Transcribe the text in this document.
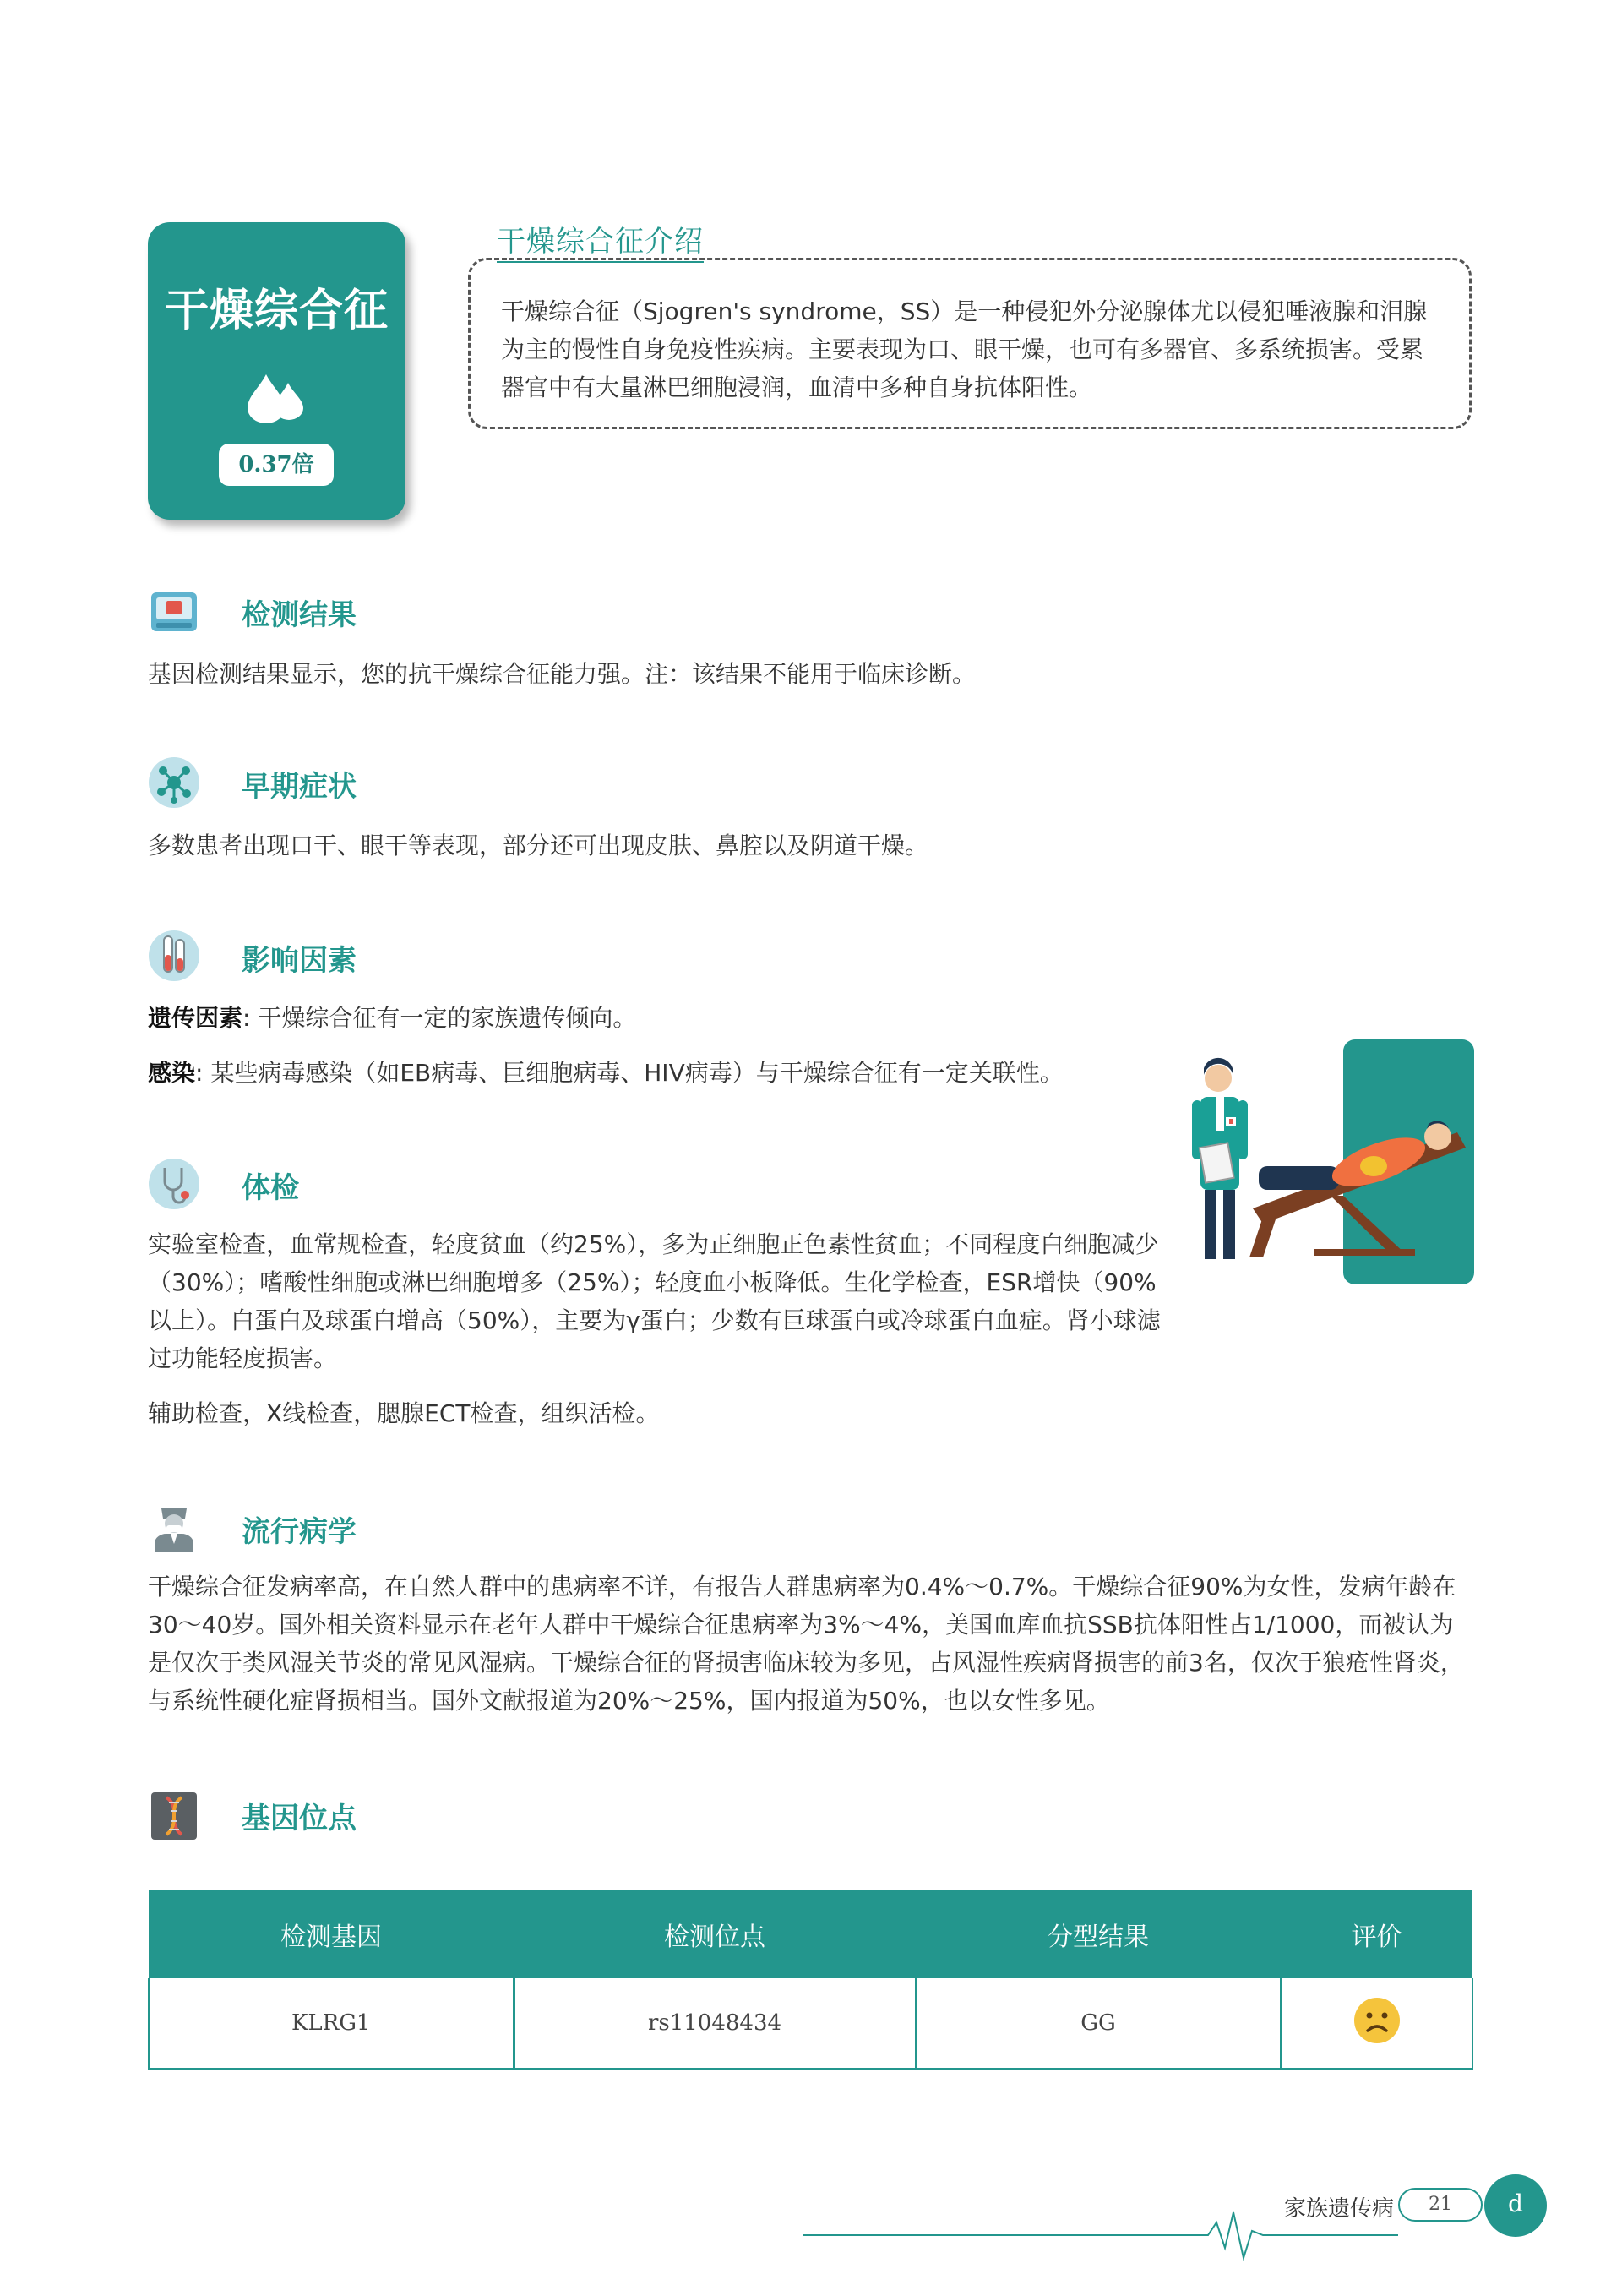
干燥综合征
0.37倍
干燥综合征介绍

干燥综合征（Sjogren's syndrome，SS）是一种侵犯外分泌腺体尤以侵犯唾液腺和泪腺为主的慢性自身免疫性疾病。主要表现为口、眼干燥，也可有多器官、多系统损害。受累器官中有大量淋巴细胞浸润，血清中多种自身抗体阳性。

检测结果

基因检测结果显示，您的抗干燥综合征能力强。注：该结果不能用于临床诊断。

早期症状

多数患者出现口干、眼干等表现，部分还可出现皮肤、鼻腔以及阴道干燥。

影响因素

遗传因素: 干燥综合征有一定的家族遗传倾向。

感染: 某些病毒感染（如EB病毒、巨细胞病毒、HIV病毒）与干燥综合征有一定关联性。

体检

实验室检查，血常规检查，轻度贫血（约25%），多为正细胞正色素性贫血；不同程度白细胞减少（30%）；嗜酸性细胞或淋巴细胞增多（25%）；轻度血小板降低。生化学检查，ESR增快（90%以上）。白蛋白及球蛋白增高（50%），主要为γ蛋白；少数有巨球蛋白或冷球蛋白血症。肾小球滤过功能轻度损害。

辅助检查，X线检查，腮腺ECT检查，组织活检。

流行病学

干燥综合征发病率高，在自然人群中的患病率不详，有报告人群患病率为0.4%～0.7%。干燥综合征90%为女性，发病年龄在30～40岁。国外相关资料显示在老年人群中干燥综合征患病率为3%～4%，美国血库血抗SSB抗体阳性占1/1000，而被认为是仅次于类风湿关节炎的常见风湿病。干燥综合征的肾损害临床较为多见，占风湿性疾病肾损害的前3名，仅次于狼疮性肾炎，与系统性硬化症肾损相当。国外文献报道为20%～25%，国内报道为50%，也以女性多见。

基因位点
检测基因	检测位点	分型结果	评价
KLRG1	rs11048434	GG	
家族遗传病	21	d
